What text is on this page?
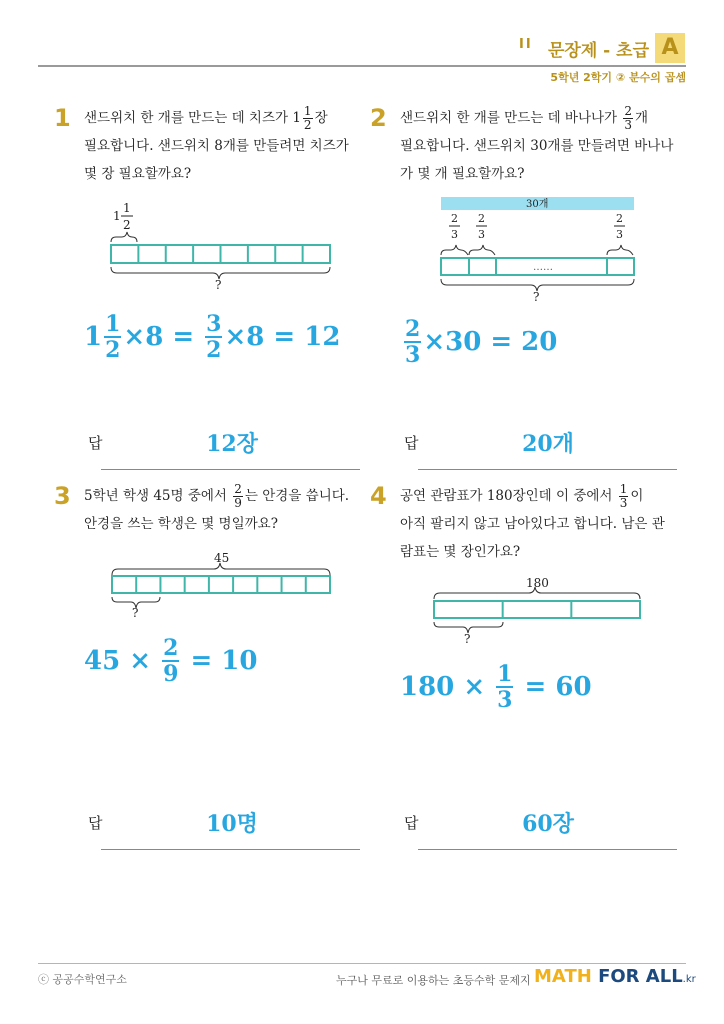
II 문장제 - 초급 A
5학년 2학기 ② 분수의 곱셈
1 샌드위치 한 개를 만드는 데 치즈가 $1 \frac{1}{2}$ 장
필요합니다. 샌드위치 8개를 만들려면 치즈가
몇 장 필요할까요?
1
1
2
?
$1 \frac{1}{2} \times 8 = \frac{3}{2} \times 8 = 12$
답	12장
2 샌드위치 한 개를 만드는 데 바나나가 $\frac{2}{3}$ 개
필요합니다. 샌드위치 30개를 만들려면 바나나
가 몇 개 필요할까요?
30개
2
3
2
3
2
3
……
?
$\frac{2}{3} \times 30 = 20$
답	20개
3 5학년 학생 45명 중에서 $\frac{2}{9}$ 는 안경을 씁니다.
안경을 쓰는 학생은 몇 명일까요?
45
?
$45 \times \frac{2}{9} = 10$
답	10명
4 공연 관람표가 180장인데 이 중에서 $\frac{1}{3}$ 이
아직 팔리지 않고 남아있다고 합니다. 남은 관
람표는 몇 장인가요?
180
?
$180 \times \frac{1}{3} = 60$
답	60장
ⓒ 공공수학연구소	누구나 무료로 이용하는 초등수학 문제지 MATH FOR ALL.kr
